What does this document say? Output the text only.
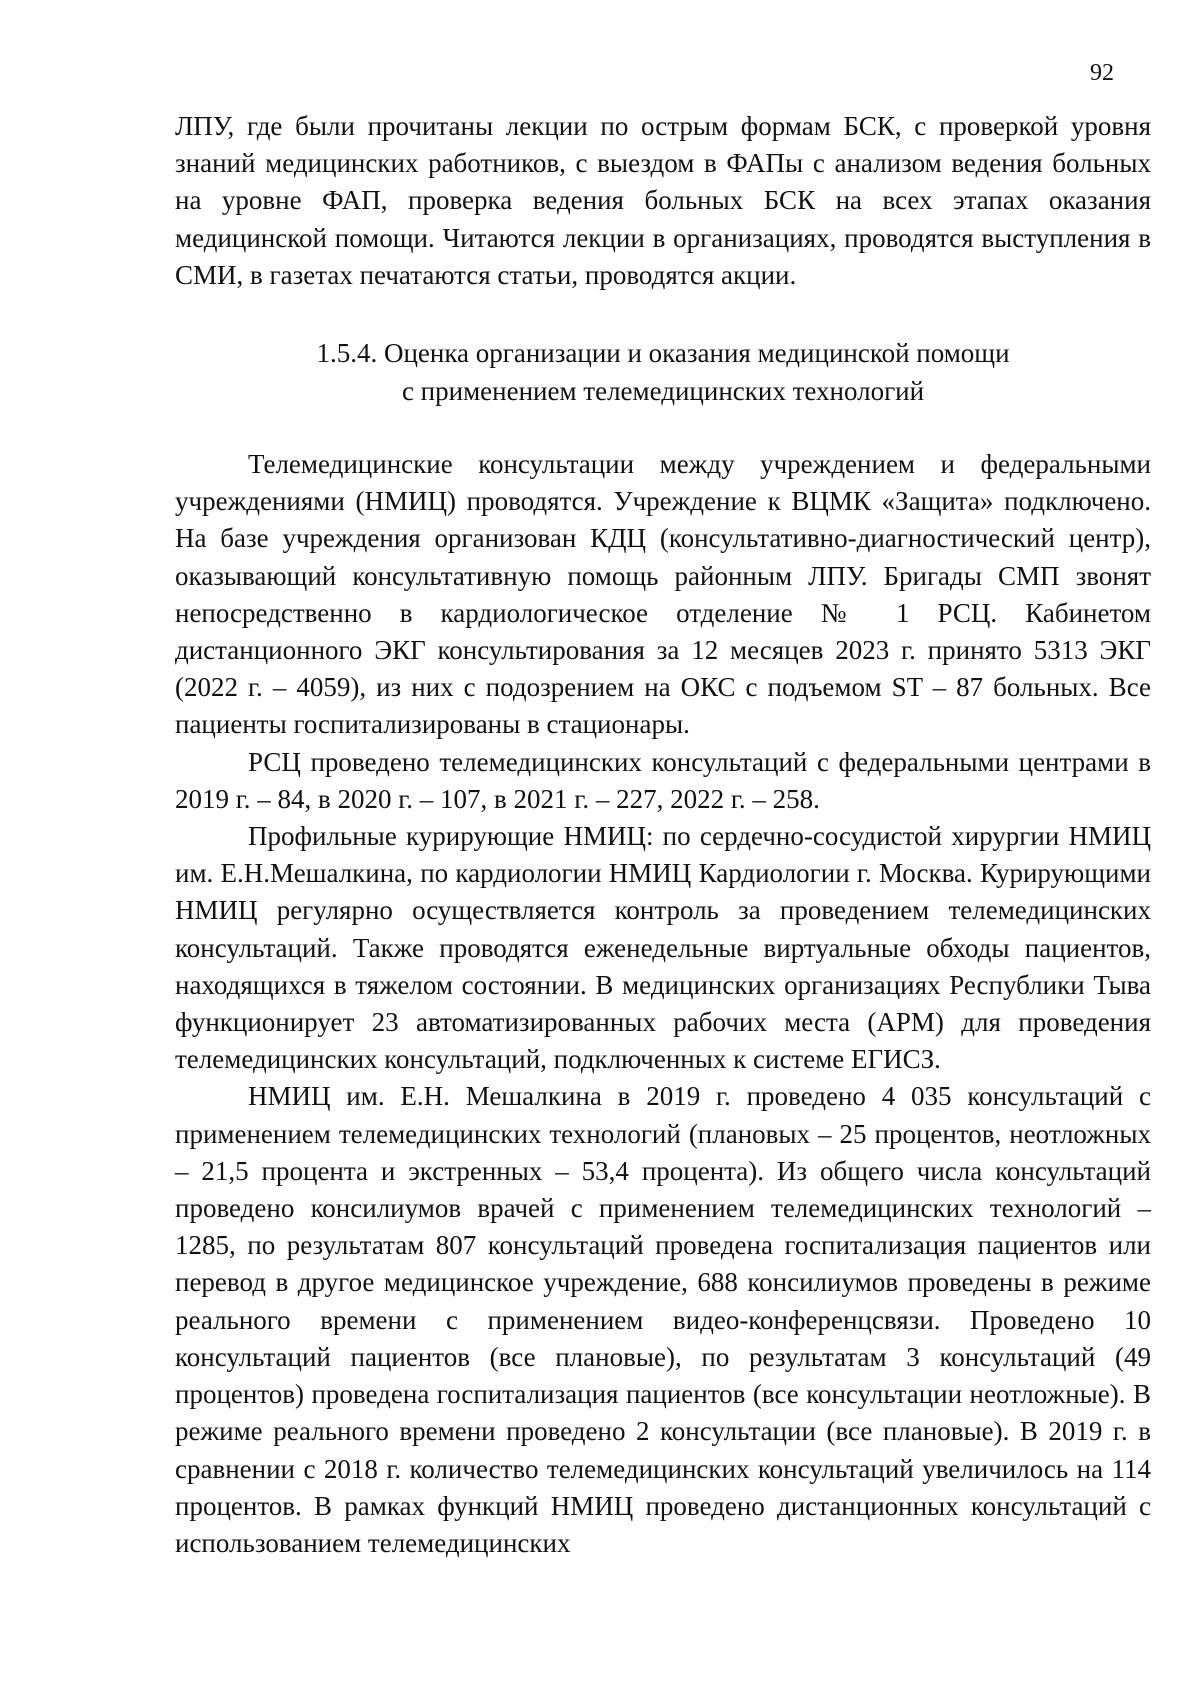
92

ЛПУ, где были прочитаны лекции по острым формам БСК, с проверкой уровня знаний медицинских работников, с выездом в ФАПы с анализом ведения больных на уровне ФАП, проверка ведения больных БСК на всех этапах оказания медицинской помощи. Читаются лекции в организациях, проводятся выступления в СМИ, в газетах печатаются статьи, проводятся акции.

1.5.4. Оценка организации и оказания медицинской помощи
с применением телемедицинских технологий

Телемедицинские консультации между учреждением и федеральными учреждениями (НМИЦ) проводятся. Учреждение к ВЦМК «Защита» подключено. На базе учреждения организован КДЦ (консультативно-диагностический центр), оказывающий консультативную помощь районным ЛПУ. Бригады СМП звонят непосредственно в кардиологическое отделение № 1 РСЦ. Кабинетом дистанционного ЭКГ консультирования за 12 месяцев 2023 г. принято 5313 ЭКГ (2022 г. – 4059), из них с подозрением на ОКС с подъемом ST – 87 больных. Все пациенты госпитализированы в стационары.

РСЦ проведено телемедицинских консультаций с федеральными центрами в 2019 г. – 84, в 2020 г. – 107, в 2021 г. – 227, 2022 г. – 258.

Профильные курирующие НМИЦ: по сердечно-сосудистой хирургии НМИЦ им. Е.Н.Мешалкина, по кардиологии НМИЦ Кардиологии г. Москва. Курирующими НМИЦ регулярно осуществляется контроль за проведением телемедицинских консультаций. Также проводятся еженедельные виртуальные обходы пациентов, находящихся в тяжелом состоянии. В медицинских организациях Республики Тыва функционирует 23 автоматизированных рабочих места (АРМ) для проведения телемедицинских консультаций, подключенных к системе ЕГИСЗ.

НМИЦ им. Е.Н. Мешалкина в 2019 г. проведено 4 035 консультаций с применением телемедицинских технологий (плановых – 25 процентов, неотложных – 21,5 процента и экстренных – 53,4 процента). Из общего числа консультаций проведено консилиумов врачей с применением телемедицинских технологий – 1285, по результатам 807 консультаций проведена госпитализация пациентов или перевод в другое медицинское учреждение, 688 консилиумов проведены в режиме реального времени с применением видео-конференцсвязи. Проведено 10 консультаций пациентов (все плановые), по результатам 3 консультаций (49 процентов) проведена госпитализация пациентов (все консультации неотложные). В режиме реального времени проведено 2 консультации (все плановые). В 2019 г. в сравнении с 2018 г. количество телемедицинских консультаций увеличилось на 114 процентов. В рамках функций НМИЦ проведено дистанционных консультаций с использованием телемедицинских
